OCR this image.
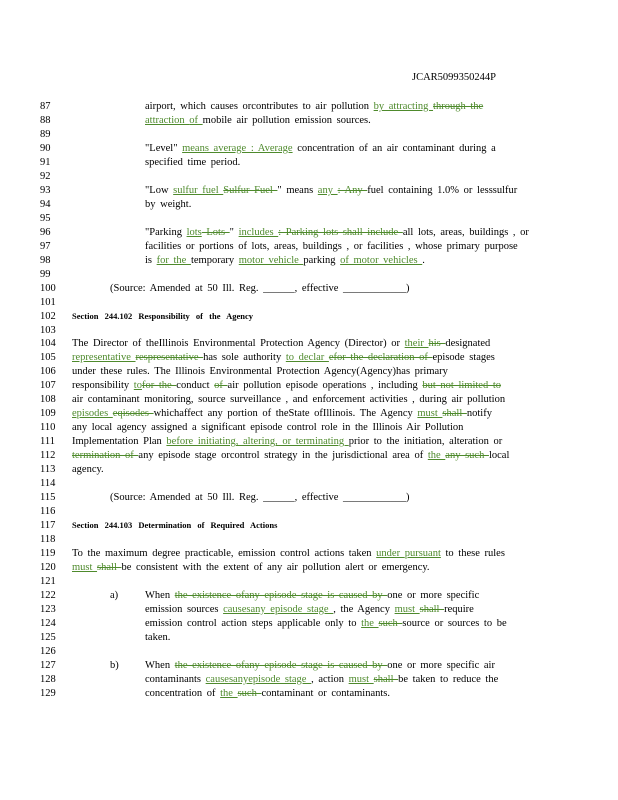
JCAR5099350244P
87	airport, which causes orcontributes to air pollution by attracting through the
88	attraction of mobile air pollution emission sources.
89
90	"Level" means average : Average concentration of an air contaminant during a
91	specified time period.
92
93	"Low sulfur fuel Sulfur Fuel " means any : Any fuel containing 1.0% or lesssulfur
94	by weight.
95
96	"Parking lots Lots " includes : Parking lots shall include all lots, areas, buildings , or
97	facilities or portions of lots, areas, buildings , or facilities , whose primary purpose
98	is for the temporary motor vehicle parking of motor vehicles .
99
100	(Source: Amended at 50 Ill. Reg. ______, effective ____________)
101
102	Section 244.102 Responsibility of the Agency
103
104	The Director of theIllinois Environmental Protection Agency (Director) or their his designated
105	representative respresentative has sole authority to declar efor the declaration of episode stages
106	under these rules. The Illinois Environmental Protection Agency(Agency)has primary
107	responsibility tofor the conduct of air pollution episode operations , including but not limited to
108	air contaminant monitoring, source surveillance , and enforcement activities , during air pollution
109	episodes eqisodes whichaffect any portion of theState ofIllinois. The Agency must shall notify
110	any local agency assigned a significant episode control role in the Illinois Air Pollution
111	Implementation Plan before initiating, altering, or terminating prior to the initiation, alteration or
112	termination of any episode stage orcontrol strategy in the jurisdictional area of the any such local
113	agency.
114
115	(Source: Amended at 50 Ill. Reg. ______, effective ____________)
116
117	Section 244.103 Determination of Required Actions
118
119	To the maximum degree practicable, emission control actions taken under pursuant to these rules
120	must shall be consistent with the extent of any air pollution alert or emergency.
121
122	a)	When the existence ofany episode stage is caused by one or more specific
123	emission sources causesany episode stage , the Agency must shall require
124	emission control action steps applicable only to the such source or sources to be
125	taken.
126
127	b)	When the existence ofany episode stage is caused by one or more specific air
128	contaminants causesanyepisode stage , action must shall be taken to reduce the
129	concentration of the such contaminant or contaminants.
